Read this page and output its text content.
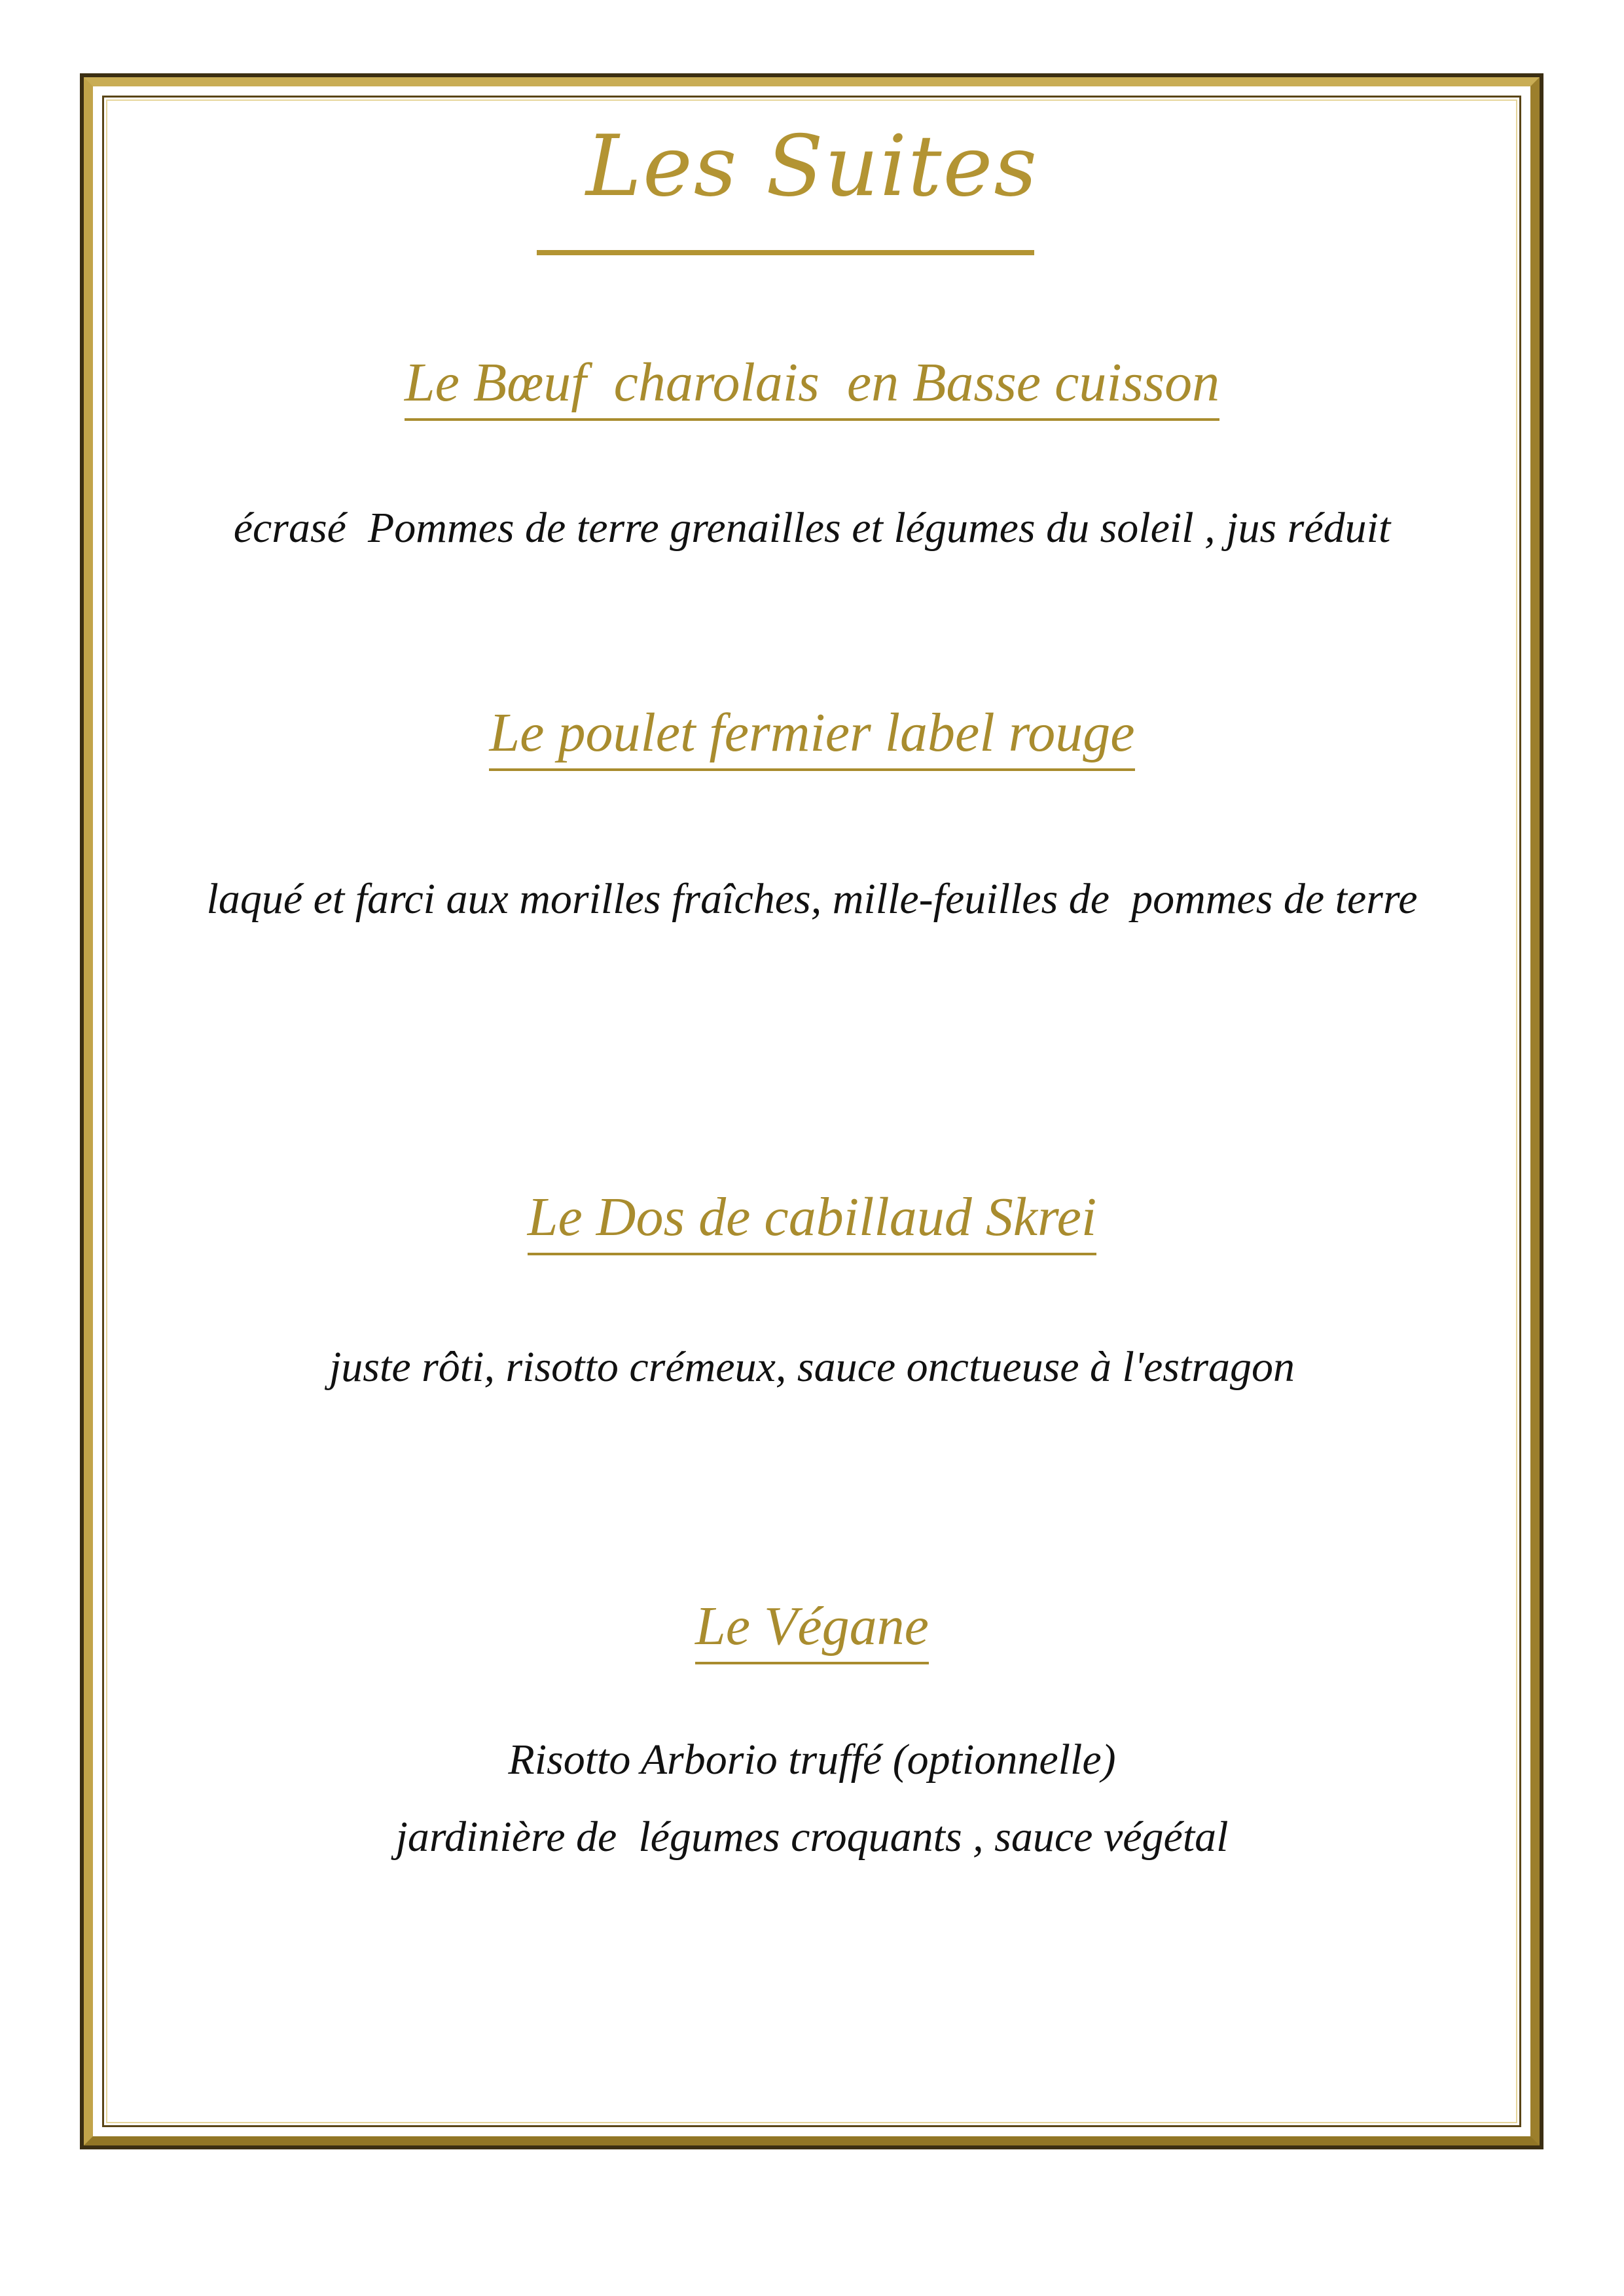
Les Suites
Le Bœuf  charolais  en Basse cuisson
écrasé  Pommes de terre grenailles et légumes du soleil , jus réduit
Le poulet fermier label rouge
laqué et farci aux morilles fraîches, mille-feuilles de  pommes de terre
Le Dos de cabillaud Skrei
juste rôti, risotto crémeux, sauce onctueuse à l'estragon
Le Végane
Risotto Arborio truffé (optionnelle)
jardinière de  légumes croquants , sauce végétal
